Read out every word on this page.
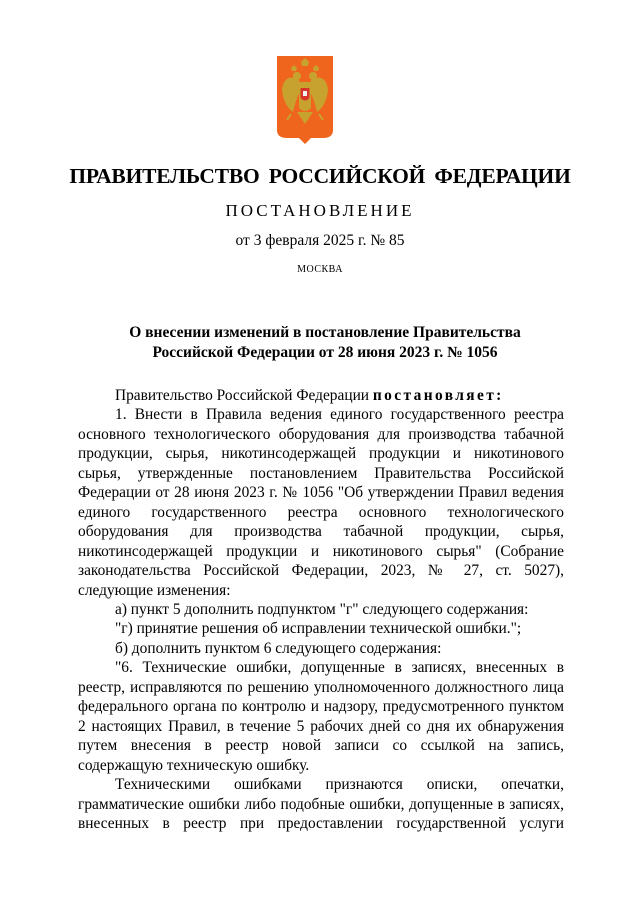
ПРАВИТЕЛЬСТВО РОССИЙСКОЙ ФЕДЕРАЦИИ
ПОСТАНОВЛЕНИЕ
от 3 февраля 2025 г. № 85
МОСКВА
О внесении изменений в постановление Правительства
Российской Федерации от 28 июня 2023 г. № 1056

Правительство Российской Федерации постановляет:

1. Внести в Правила ведения единого государственного реестра основного технологического оборудования для производства табачной продукции, сырья, никотинсодержащей продукции и никотинового сырья, утвержденные постановлением Правительства Российской Федерации от 28 июня 2023 г. № 1056 "Об утверждении Правил ведения единого государственного реестра основного технологического оборудования для производства табачной продукции, сырья, никотинсодержащей продукции и никотинового сырья" (Собрание законодательства Российской Федерации, 2023, № 27, ст. 5027), следующие изменения:

а) пункт 5 дополнить подпунктом "г" следующего содержания:

"г) принятие решения об исправлении технической ошибки.";

б) дополнить пунктом 6 следующего содержания:

"6. Технические ошибки, допущенные в записях, внесенных в реестр, исправляются по решению уполномоченного должностного лица федерального органа по контролю и надзору, предусмотренного пунктом 2 настоящих Правил, в течение 5 рабочих дней со дня их обнаружения путем внесения в реестр новой записи со ссылкой на запись, содержащую техническую ошибку.

Техническими ошибками признаются описки, опечатки, грамматические ошибки либо подобные ошибки, допущенные в записях, внесенных в реестр при предоставлении государственной услуги
